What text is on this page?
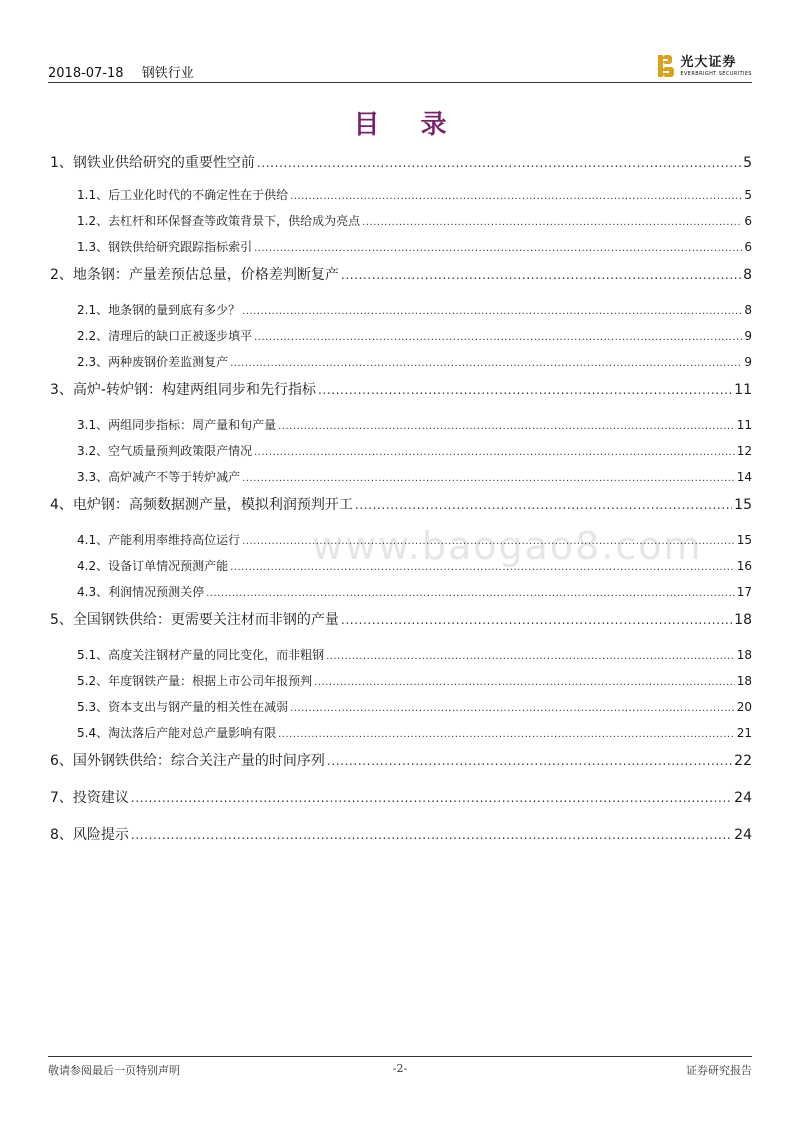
2018-07-18 钢铁行业
光大证券
EVERBRIGHT SECURITIES
目 录
www.baogao8.com
1、 钢铁业供给研究的重要性空前 .....	5
1.1、 后工业化时代的不确定性在于供给 .....	5
1.2、 去杠杆和环保督查等政策背景下，供给成为亮点 .....	6
1.3、 钢铁供给研究跟踪指标索引 .....	6
2、 地条钢：产量差预估总量，价格差判断复产 .....	8
2.1、 地条钢的量到底有多少？ .....	8
2.2、 清理后的缺口正被逐步填平 .....	9
2.3、 两种废钢价差监测复产 .....	9
3、 高炉-转炉钢：构建两组同步和先行指标 .....	11
3.1、 两组同步指标：周产量和旬产量 .....	11
3.2、 空气质量预判政策限产情况 .....	12
3.3、 高炉减产不等于转炉减产 .....	14
4、 电炉钢：高频数据测产量，模拟利润预判开工 .....	15
4.1、 产能利用率维持高位运行 .....	15
4.2、 设备订单情况预测产能 .....	16
4.3、 利润情况预测关停 .....	17
5、 全国钢铁供给：更需要关注材而非钢的产量 .....	18
5.1、 高度关注钢材产量的同比变化，而非粗钢 .....	18
5.2、 年度钢铁产量：根据上市公司年报预判 .....	18
5.3、 资本支出与钢产量的相关性在减弱 .....	20
5.4、 淘汰落后产能对总产量影响有限 .....	21
6、 国外钢铁供给：综合关注产量的时间序列 .....	22
7、 投资建议 .....	24
8、 风险提示 .....	24
敬请参阅最后一页特别声明	-2-	证券研究报告
